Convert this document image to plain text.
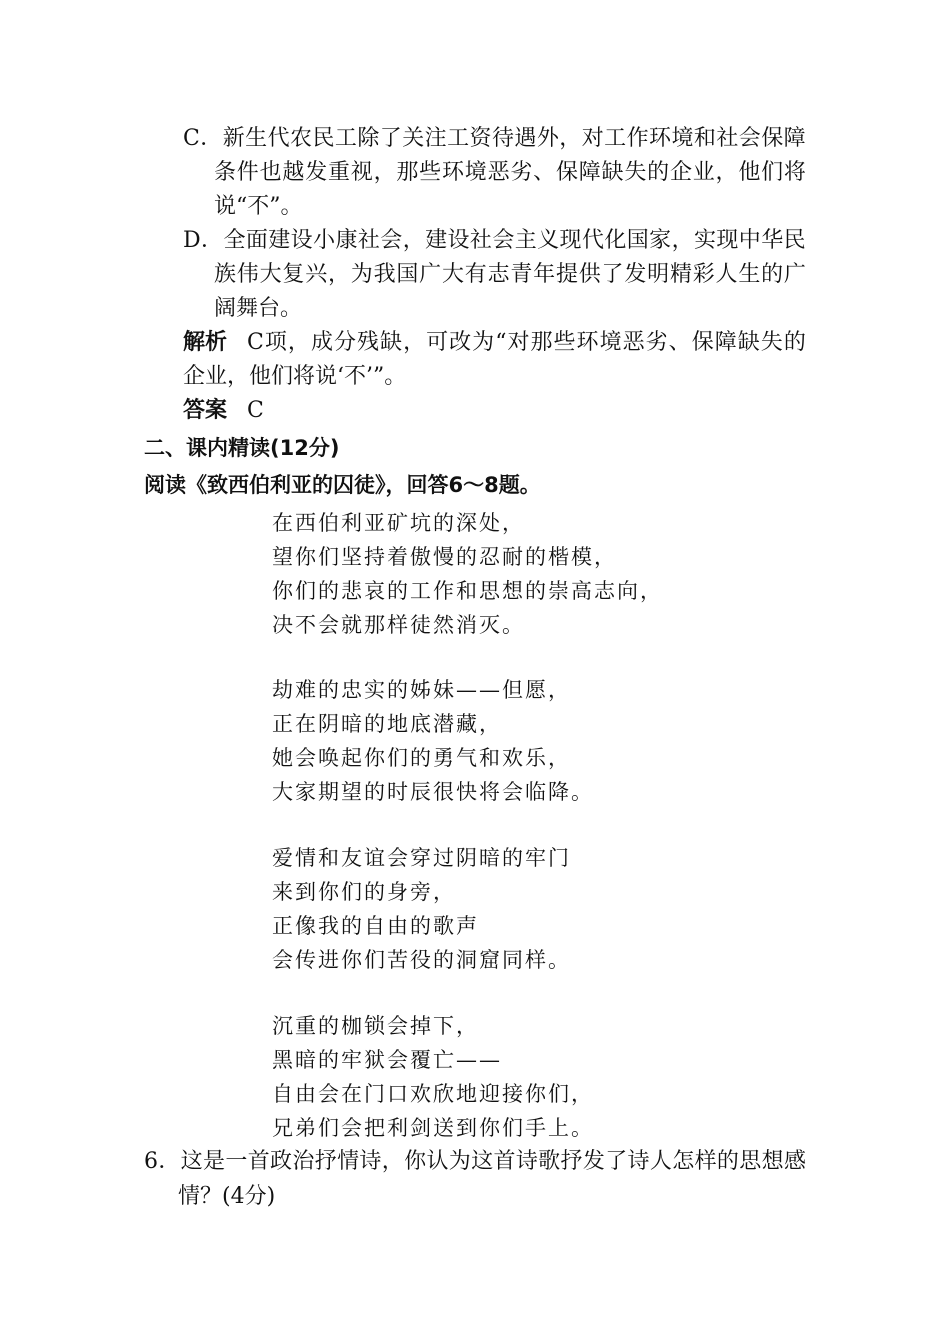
C ． 新 生 代 农 民 工 除 了 关 注 工 资 待 遇 外 ， 对 工 作 环 境 和 社 会 保 障
条 件 也 越 发 重 视 ， 那 些 环 境 恶 劣 、 保 障 缺 失 的 企 业 ， 他 们 将
说“不”。
D ． 全 面 建 设 小 康 社 会 ， 建 设 社 会 主 义 现 代 化 国 家 ， 实 现 中 华 民
族 伟 大 复 兴 ， 为 我 国 广 大 有 志 青 年 提 供 了 发 明 精 彩 人 生 的 广
阔舞台。
解析 C 项 ， 成 分 残 缺 ， 可 改 为 “ 对 那 些 环 境 恶 劣 、 保 障 缺 失 的
企业，他们将说‘不’”。
答案 C
二、课内精读(12分)
阅读《致西伯利亚的囚徒》，回答6～8题。
在西伯利亚矿坑的深处，
望你们坚持着傲慢的忍耐的楷模，
你们的悲哀的工作和思想的崇高志向，
决不会就那样徒然消灭。
劫难的忠实的姊妹——但愿，
正在阴暗的地底潜藏，
她会唤起你们的勇气和欢乐，
大家期望的时辰很快将会临降。
爱情和友谊会穿过阴暗的牢门
来到你们的身旁，
正像我的自由的歌声
会传进你们苦役的洞窟同样。
沉重的枷锁会掉下，
黑暗的牢狱会覆亡——
自由会在门口欢欣地迎接你们，
兄弟们会把利剑送到你们手上。
6 ． 这 是 一 首 政 治 抒 情 诗 ， 你 认 为 这 首 诗 歌 抒 发 了 诗 人 怎 样 的 思 想 感
情？(4分)
